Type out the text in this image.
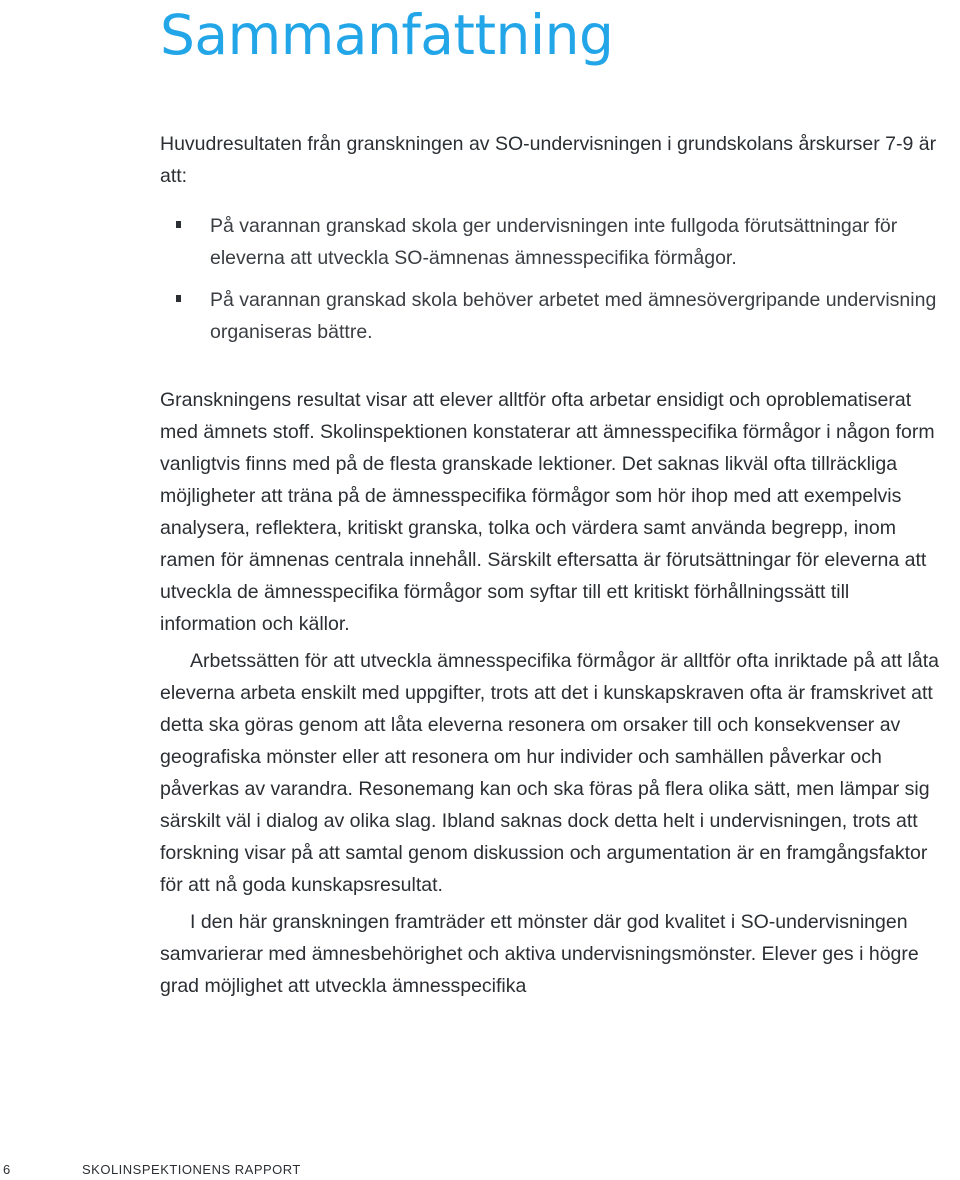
Sammanfattning

Huvudresultaten från granskningen av SO-undervisningen i grundskolans årskurser 7-9 är att:

På varannan granskad skola ger undervisningen inte fullgoda förutsättningar för eleverna att utveckla SO-ämnenas ämnesspecifika förmågor.
På varannan granskad skola behöver arbetet med ämnesövergripande undervisning organiseras bättre.

Granskningens resultat visar att elever alltför ofta arbetar ensidigt och oproblematiserat med ämnets stoff. Skolinspektionen konstaterar att ämnesspecifika förmågor i någon form vanligtvis finns med på de flesta granskade lektioner. Det saknas likväl ofta tillräckliga möjligheter att träna på de ämnesspecifika förmågor som hör ihop med att exempelvis analysera, reflektera, kritiskt granska, tolka och värdera samt använda begrepp, inom ramen för ämnenas centrala innehåll. Särskilt eftersatta är förutsättningar för eleverna att utveckla de ämnesspecifika förmågor som syftar till ett kritiskt förhållningssätt till information och källor.

Arbetssätten för att utveckla ämnesspecifika förmågor är alltför ofta inriktade på att låta eleverna arbeta enskilt med uppgifter, trots att det i kunskapskraven ofta är framskrivet att detta ska göras genom att låta eleverna resonera om orsaker till och konsekvenser av geografiska mönster eller att resonera om hur individer och samhällen påverkar och påverkas av varandra. Resonemang kan och ska föras på flera olika sätt, men lämpar sig särskilt väl i dialog av olika slag. Ibland saknas dock detta helt i undervisningen, trots att forskning visar på att samtal genom diskussion och argumentation är en framgångsfaktor för att nå goda kunskapsresultat.

I den här granskningen framträder ett mönster där god kvalitet i SO-undervisningen samvarierar med ämnesbehörighet och aktiva undervisningsmönster. Elever ges i högre grad möjlighet att utveckla ämnesspecifika

6	SKOLINSPEKTIONENS RAPPORT
